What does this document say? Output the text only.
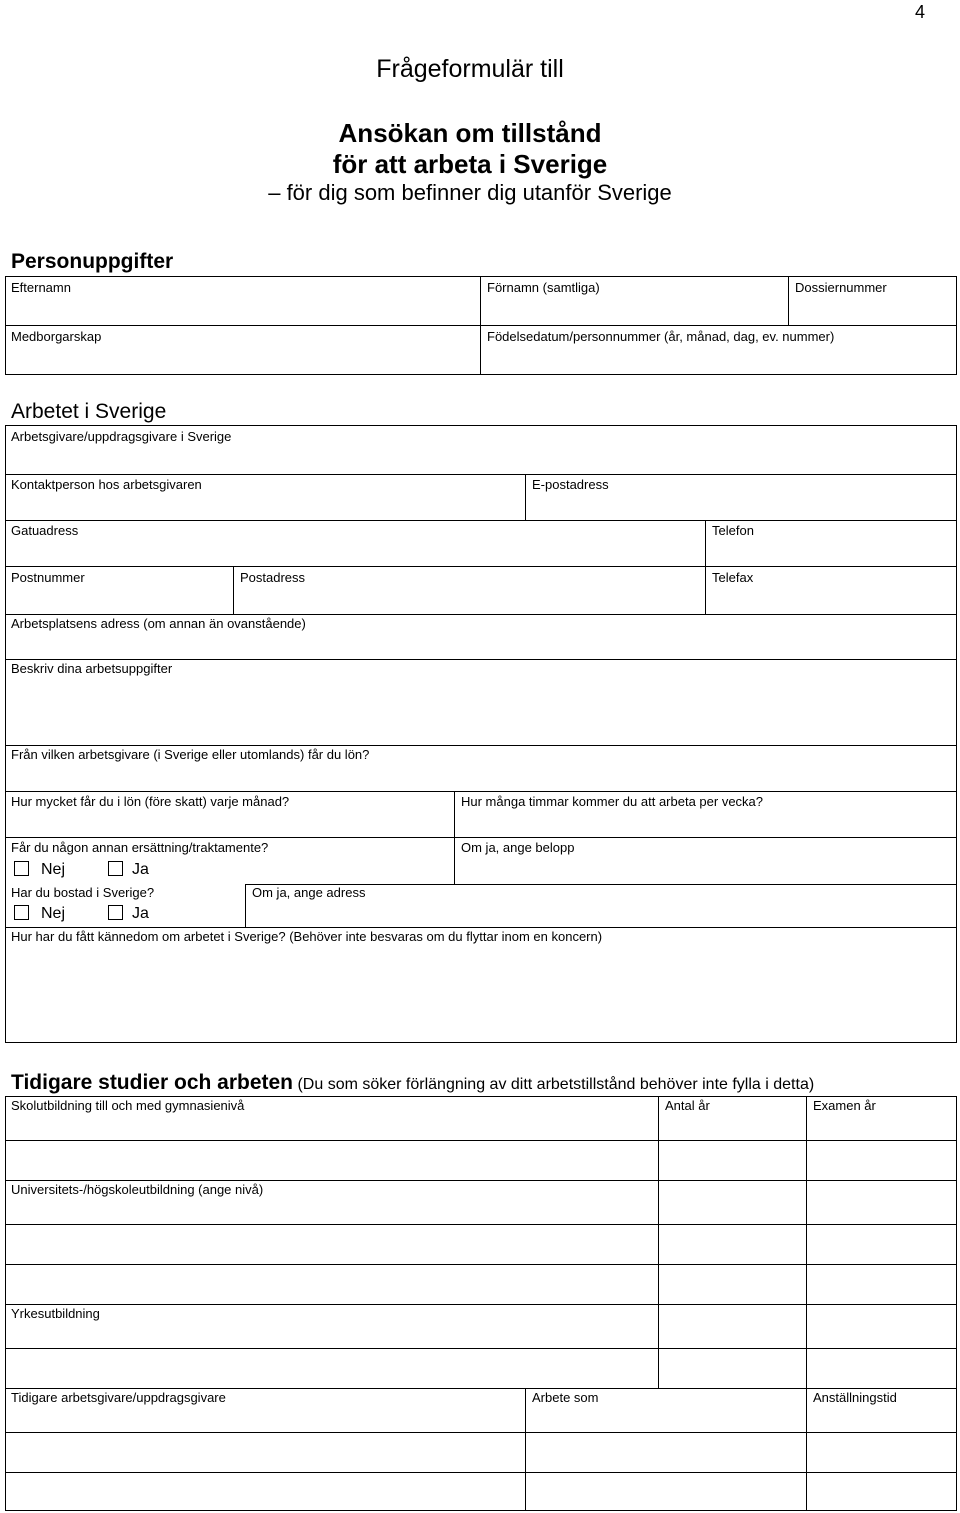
4
Frågeformulär till
Ansökan om tillstånd
för att arbeta i Sverige
– för dig som befinner dig utanför Sverige
Personuppgifter
Efternamn	Förnamn (samtliga)	Dossiernummer
Medborgarskap	Födelsedatum/personnummer (år, månad, dag, ev. nummer)
Arbetet i Sverige
Arbetsgivare/uppdragsgivare i Sverige
Kontaktperson hos arbetsgivaren	E-postadress
Gatuadress	Telefon
Postnummer	Postadress	Telefax
Arbetsplatsens adress (om annan än ovanstående)
Beskriv dina arbetsuppgifter
Från vilken arbetsgivare (i Sverige eller utomlands) får du lön?
Hur mycket får du i lön (före skatt) varje månad?	Hur många timmar kommer du att arbeta per vecka?
Får du någon annan ersättning/traktamente?	Om ja, ange belopp
Nej	Ja
Har du bostad i Sverige?	Om ja, ange adress
Nej	Ja
Hur har du fått kännedom om arbetet i Sverige? (Behöver inte besvaras om du flyttar inom en koncern)
Tidigare studier och arbeten (Du som söker förlängning av ditt arbetstillstånd behöver inte fylla i detta)
Skolutbildning till och med gymnasienivå	Antal år	Examen år
Universitets-/högskoleutbildning (ange nivå)
Yrkesutbildning
Tidigare arbetsgivare/uppdragsgivare	Arbete som	Anställningstid
